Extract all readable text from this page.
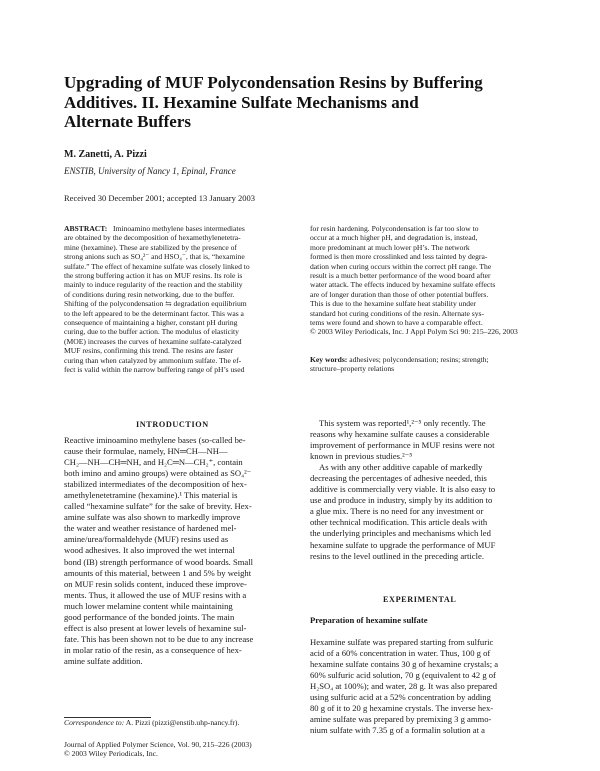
Upgrading of MUF Polycondensation Resins by Buffering
Additives. II. Hexamine Sulfate Mechanisms and
Alternate Buffers

M. Zanetti, A. Pizzi

ENSTIB, University of Nancy 1, Epinal, France

Received 30 December 2001; accepted 13 January 2003

ABSTRACT: Iminoamino methylene bases intermediates
are obtained by the decomposition of hexamethylenetetra-
mine (hexamine). These are stabilized by the presence of
strong anions such as SO₄²⁻ and HSO₄⁻, that is, “hexamine
sulfate.” The effect of hexamine sulfate was closely linked to
the strong buffering action it has on MUF resins. Its role is
mainly to induce regularity of the reaction and the stability
of conditions during resin networking, due to the buffer.
Shifting of the polycondensation ⇆ degradation equilibrium
to the left appeared to be the determinant factor. This was a
consequence of maintaining a higher, constant pH during
curing, due to the buffer action. The modulus of elasticity
(MOE) increases the curves of hexamine sulfate-catalyzed
MUF resins, confirming this trend. The resins are faster
curing than when catalyzed by ammonium sulfate. The ef-
fect is valid within the narrow buffering range of pH’s used
for resin hardening. Polycondensation is far too slow to
occur at a much higher pH, and degradation is, instead,
more predominant at much lower pH’s. The network
formed is then more crosslinked and less tainted by degra-
dation when curing occurs within the correct pH range. The
result is a much better performance of the wood board after
water attack. The effects induced by hexamine sulfate effects
are of longer duration than those of other potential buffers.
This is due to the hexamine sulfate heat stability under
standard hot curing conditions of the resin. Alternate sys-
tems were found and shown to have a comparable effect.
© 2003 Wiley Periodicals, Inc. J Appl Polym Sci 90: 215–226, 2003
Key words: adhesives; polycondensation; resins; strength;
structure–property relations
INTRODUCTION
Reactive iminoamino methylene bases (so-called be-
cause their formulae, namely, HN═CH—NH—
CH₂—NH—CH═NH, and H₂C═N—CH₂⁺, contain
both imino and amino groups) were obtained as SO₄²⁻
stabilized intermediates of the decomposition of hex-
amethylenetetramine (hexamine).¹ This material is
called “hexamine sulfate” for the sake of brevity. Hex-
amine sulfate was also shown to markedly improve
the water and weather resistance of hardened mel-
amine/urea/formaldehyde (MUF) resins used as
wood adhesives. It also improved the wet internal
bond (IB) strength performance of wood boards. Small
amounts of this material, between 1 and 5% by weight
on MUF resin solids content, induced these improve-
ments. Thus, it allowed the use of MUF resins with a
much lower melamine content while maintaining
good performance of the bonded joints. The main
effect is also present at lower levels of hexamine sul-
fate. This has been shown not to be due to any increase
in molar ratio of the resin, as a consequence of hex-
amine sulfate addition.
This system was reported¹,²⁻⁵ only recently. The
reasons why hexamine sulfate causes a considerable
improvement of performance in MUF resins were not
known in previous studies.²⁻⁵
As with any other additive capable of markedly
decreasing the percentages of adhesive needed, this
additive is commercially very viable. It is also easy to
use and produce in industry, simply by its addition to
a glue mix. There is no need for any investment or
other technical modification. This article deals with
the underlying principles and mechanisms which led
hexamine sulfate to upgrade the performance of MUF
resins to the level outlined in the preceding article.
EXPERIMENTAL
Preparation of hexamine sulfate
Hexamine sulfate was prepared starting from sulfuric
acid of a 60% concentration in water. Thus, 100 g of
hexamine sulfate contains 30 g of hexamine crystals; a
60% sulfuric acid solution, 70 g (equivalent to 42 g of
H₂SO₄ at 100%); and water, 28 g. It was also prepared
using sulfuric acid at a 52% concentration by adding
80 g of it to 20 g hexamine crystals. The inverse hex-
amine sulfate was prepared by premixing 3 g ammo-
nium sulfate with 7.35 g of a formalin solution at a

Correspondence to: A. Pizzi (pizzi@enstib.uhp-nancy.fr).

Journal of Applied Polymer Science, Vol. 90, 215–226 (2003)
© 2003 Wiley Periodicals, Inc.
